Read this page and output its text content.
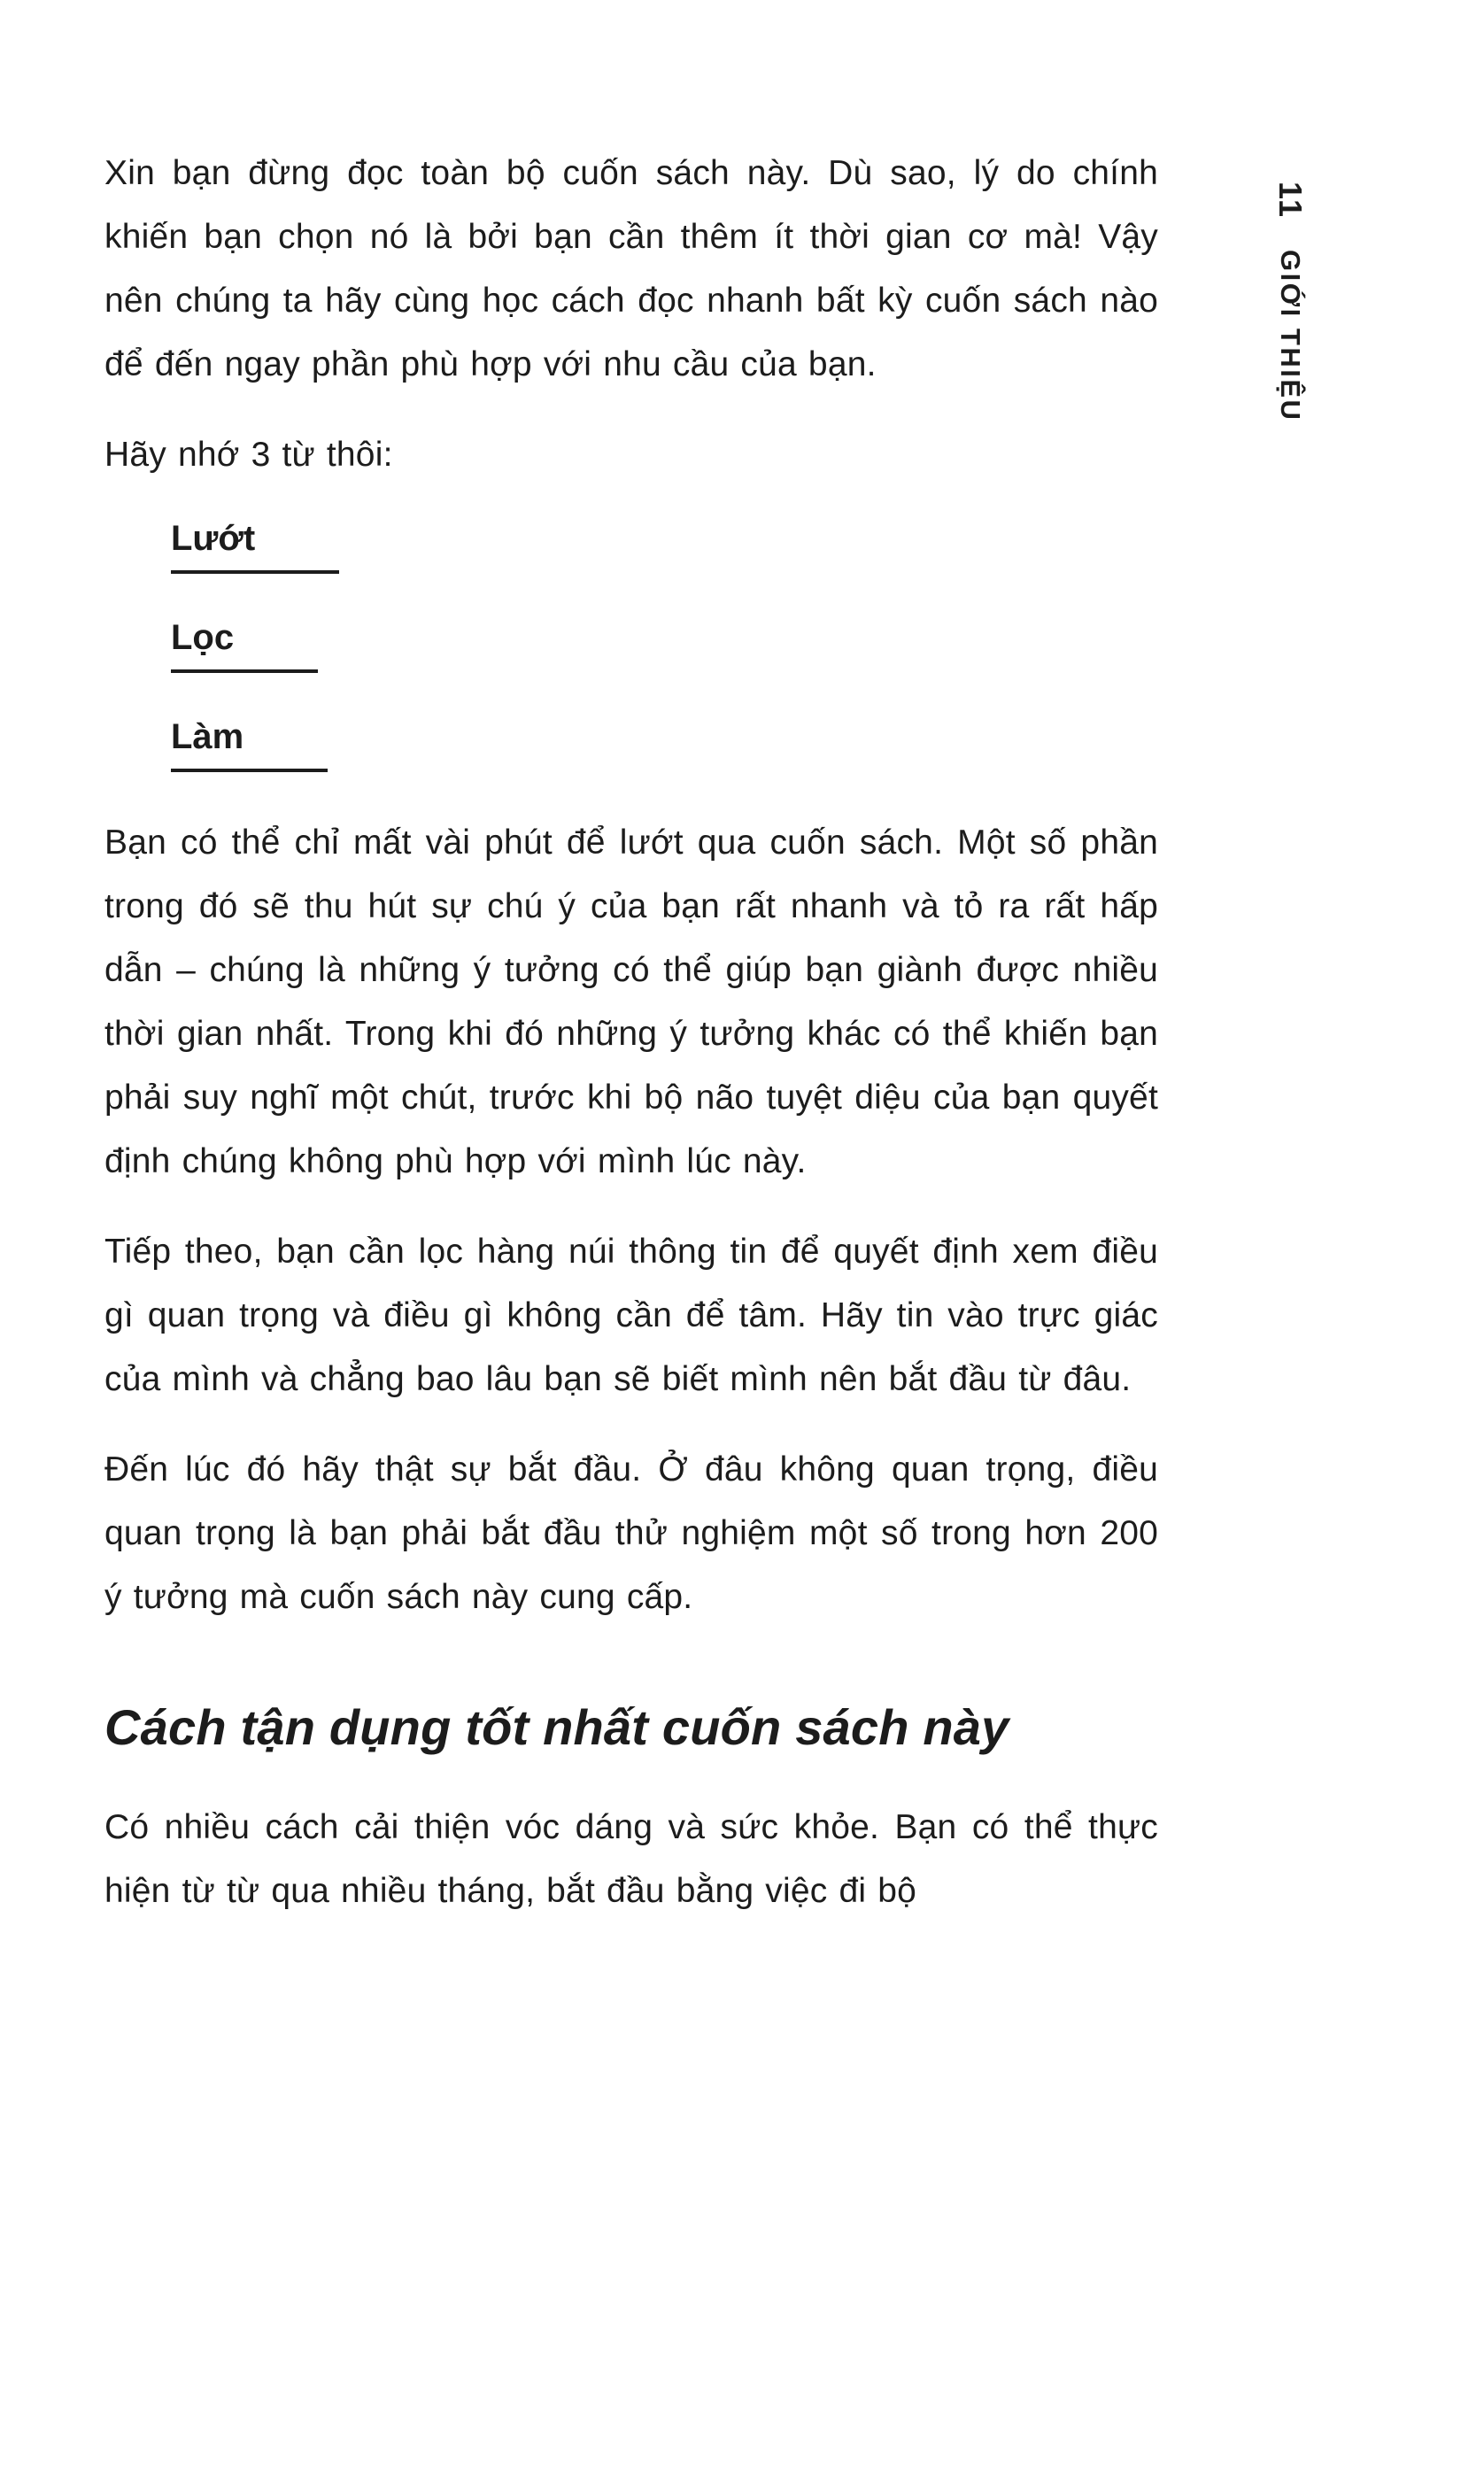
Xin bạn đừng đọc toàn bộ cuốn sách này. Dù sao, lý do chính khiến bạn chọn nó là bởi bạn cần thêm ít thời gian cơ mà! Vậy nên chúng ta hãy cùng học cách đọc nhanh bất kỳ cuốn sách nào để đến ngay phần phù hợp với nhu cầu của bạn.

Hãy nhớ 3 từ thôi:

Lướt
Lọc
Làm

Bạn có thể chỉ mất vài phút để lướt qua cuốn sách. Một số phần trong đó sẽ thu hút sự chú ý của bạn rất nhanh và tỏ ra rất hấp dẫn – chúng là những ý tưởng có thể giúp bạn giành được nhiều thời gian nhất. Trong khi đó những ý tưởng khác có thể khiến bạn phải suy nghĩ một chút, trước khi bộ não tuyệt diệu của bạn quyết định chúng không phù hợp với mình lúc này.

Tiếp theo, bạn cần lọc hàng núi thông tin để quyết định xem điều gì quan trọng và điều gì không cần để tâm. Hãy tin vào trực giác của mình và chẳng bao lâu bạn sẽ biết mình nên bắt đầu từ đâu.

Đến lúc đó hãy thật sự bắt đầu. Ở đâu không quan trọng, điều quan trọng là bạn phải bắt đầu thử nghiệm một số trong hơn 200 ý tưởng mà cuốn sách này cung cấp.

Cách tận dụng tốt nhất cuốn sách này

Có nhiều cách cải thiện vóc dáng và sức khỏe. Bạn có thể thực hiện từ từ qua nhiều tháng, bắt đầu bằng việc đi bộ

11 GIỚI THIỆU
